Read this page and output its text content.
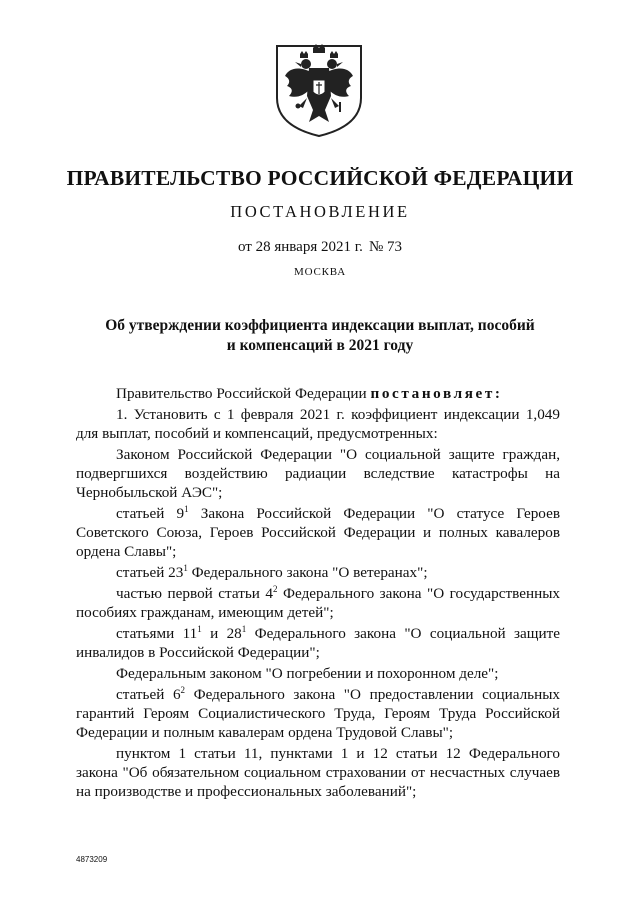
ПРАВИТЕЛЬСТВО РОССИЙСКОЙ ФЕДЕРАЦИИ
ПОСТАНОВЛЕНИЕ
от 28 января 2021 г. № 73
МОСКВА
Об утверждении коэффициента индексации выплат, пособий
и компенсаций в 2021 году

Правительство Российской Федерации постановляет:

1. Установить с 1 февраля 2021 г. коэффициент индексации 1,049 для выплат, пособий и компенсаций, предусмотренных:

Законом Российской Федерации "О социальной защите граждан, подвергшихся воздействию радиации вследствие катастрофы на Чернобыльской АЭС";

статьей $9^1$ Закона Российской Федерации "О статусе Героев Советского Союза, Героев Российской Федерации и полных кавалеров ордена Славы";

статьей $23^1$ Федерального закона "О ветеранах";

частью первой статьи $4^2$ Федерального закона "О государственных пособиях гражданам, имеющим детей";

статьями $11^1$ и $28^1$ Федерального закона "О социальной защите инвалидов в Российской Федерации";

Федеральным законом "О погребении и похоронном деле";

статьей $6^2$ Федерального закона "О предоставлении социальных гарантий Героям Социалистического Труда, Героям Труда Российской Федерации и полным кавалерам ордена Трудовой Славы";

пунктом 1 статьи 11, пунктами 1 и 12 статьи 12 Федерального закона "Об обязательном социальном страховании от несчастных случаев на производстве и профессиональных заболеваний";

4873209
